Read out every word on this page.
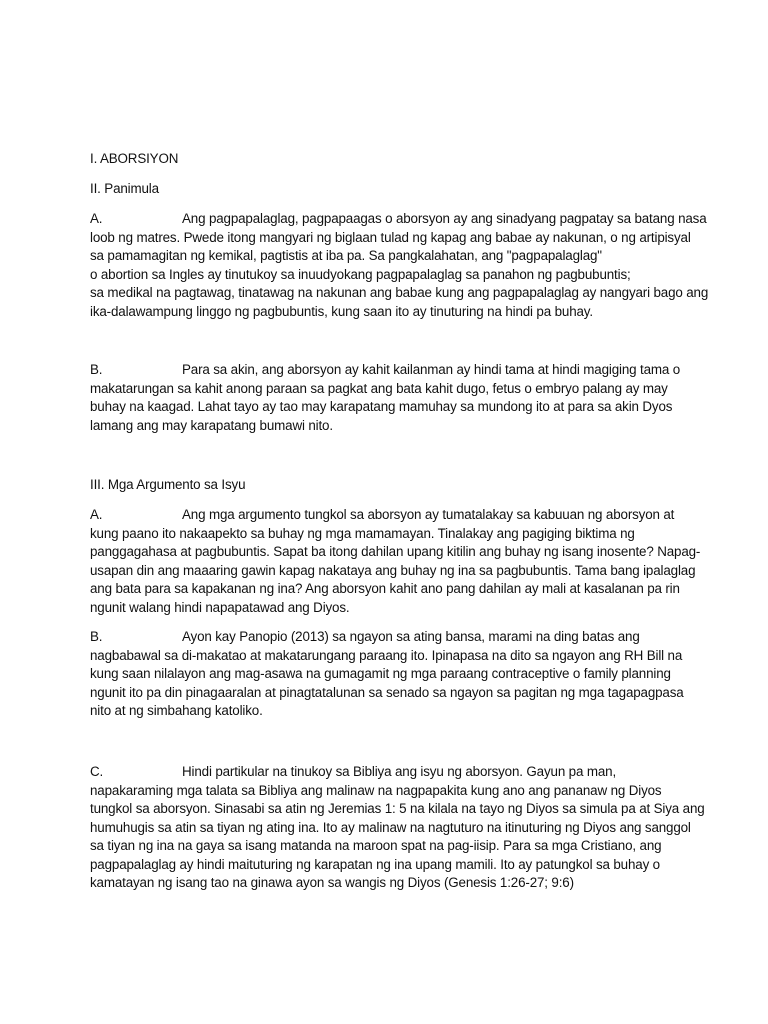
I. ABORSIYON
II. Panimula
A.	Ang pagpapalaglag, pagpapaagas o aborsyon ay ang sinadyang pagpatay sa batang nasa
loob ng matres. Pwede itong mangyari ng biglaan tulad ng kapag ang babae ay nakunan, o ng artipisyal
sa pamamagitan ng kemikal, pagtistis at iba pa. Sa pangkalahatan, ang "pagpapalaglag"
o abortion sa Ingles ay tinutukoy sa inuudyokang pagpapalaglag sa panahon ng pagbubuntis;
sa medikal na pagtawag, tinatawag na nakunan ang babae kung ang pagpapalaglag ay nangyari bago ang
ika-dalawampung linggo ng pagbubuntis, kung saan ito ay tinuturing na hindi pa buhay.
B.	Para sa akin, ang aborsyon ay kahit kailanman ay hindi tama at hindi magiging tama o
makatarungan sa kahit anong paraan sa pagkat ang bata kahit dugo, fetus o embryo palang ay may
buhay na kaagad. Lahat tayo ay tao may karapatang mamuhay sa mundong ito at para sa akin Dyos
lamang ang may karapatang bumawi nito.
III. Mga Argumento sa Isyu
A.	Ang mga argumento tungkol sa aborsyon ay tumatalakay sa kabuuan ng aborsyon at
kung paano ito nakaapekto sa buhay ng mga mamamayan. Tinalakay ang pagiging biktima ng
panggagahasa at pagbubuntis. Sapat ba itong dahilan upang kitilin ang buhay ng isang inosente? Napag-
usapan din ang maaaring gawin kapag nakataya ang buhay ng ina sa pagbubuntis. Tama bang ipalaglag
ang bata para sa kapakanan ng ina? Ang aborsyon kahit ano pang dahilan ay mali at kasalanan pa rin
ngunit walang hindi napapatawad ang Diyos.
B.	Ayon kay Panopio (2013) sa ngayon sa ating bansa, marami na ding batas ang
nagbabawal sa di-makatao at makatarungang paraang ito. Ipinapasa na dito sa ngayon ang RH Bill na
kung saan nilalayon ang mag-asawa na gumagamit ng mga paraang contraceptive o family planning
ngunit ito pa din pinagaaralan at pinagtatalunan sa senado sa ngayon sa pagitan ng mga tagapagpasa
nito at ng simbahang katoliko.
C.	Hindi partikular na tinukoy sa Bibliya ang isyu ng aborsyon. Gayun pa man,
napakaraming mga talata sa Bibliya ang malinaw na nagpapakita kung ano ang pananaw ng Diyos
tungkol sa aborsyon. Sinasabi sa atin ng Jeremias 1: 5 na kilala na tayo ng Diyos sa simula pa at Siya ang
humuhugis sa atin sa tiyan ng ating ina. Ito ay malinaw na nagtuturo na itinuturing ng Diyos ang sanggol
sa tiyan ng ina na gaya sa isang matanda na maroon spat na pag-iisip. Para sa mga Cristiano, ang
pagpapalaglag ay hindi maituturing ng karapatan ng ina upang mamili. Ito ay patungkol sa buhay o
kamatayan ng isang tao na ginawa ayon sa wangis ng Diyos (Genesis 1:26-27; 9:6)
